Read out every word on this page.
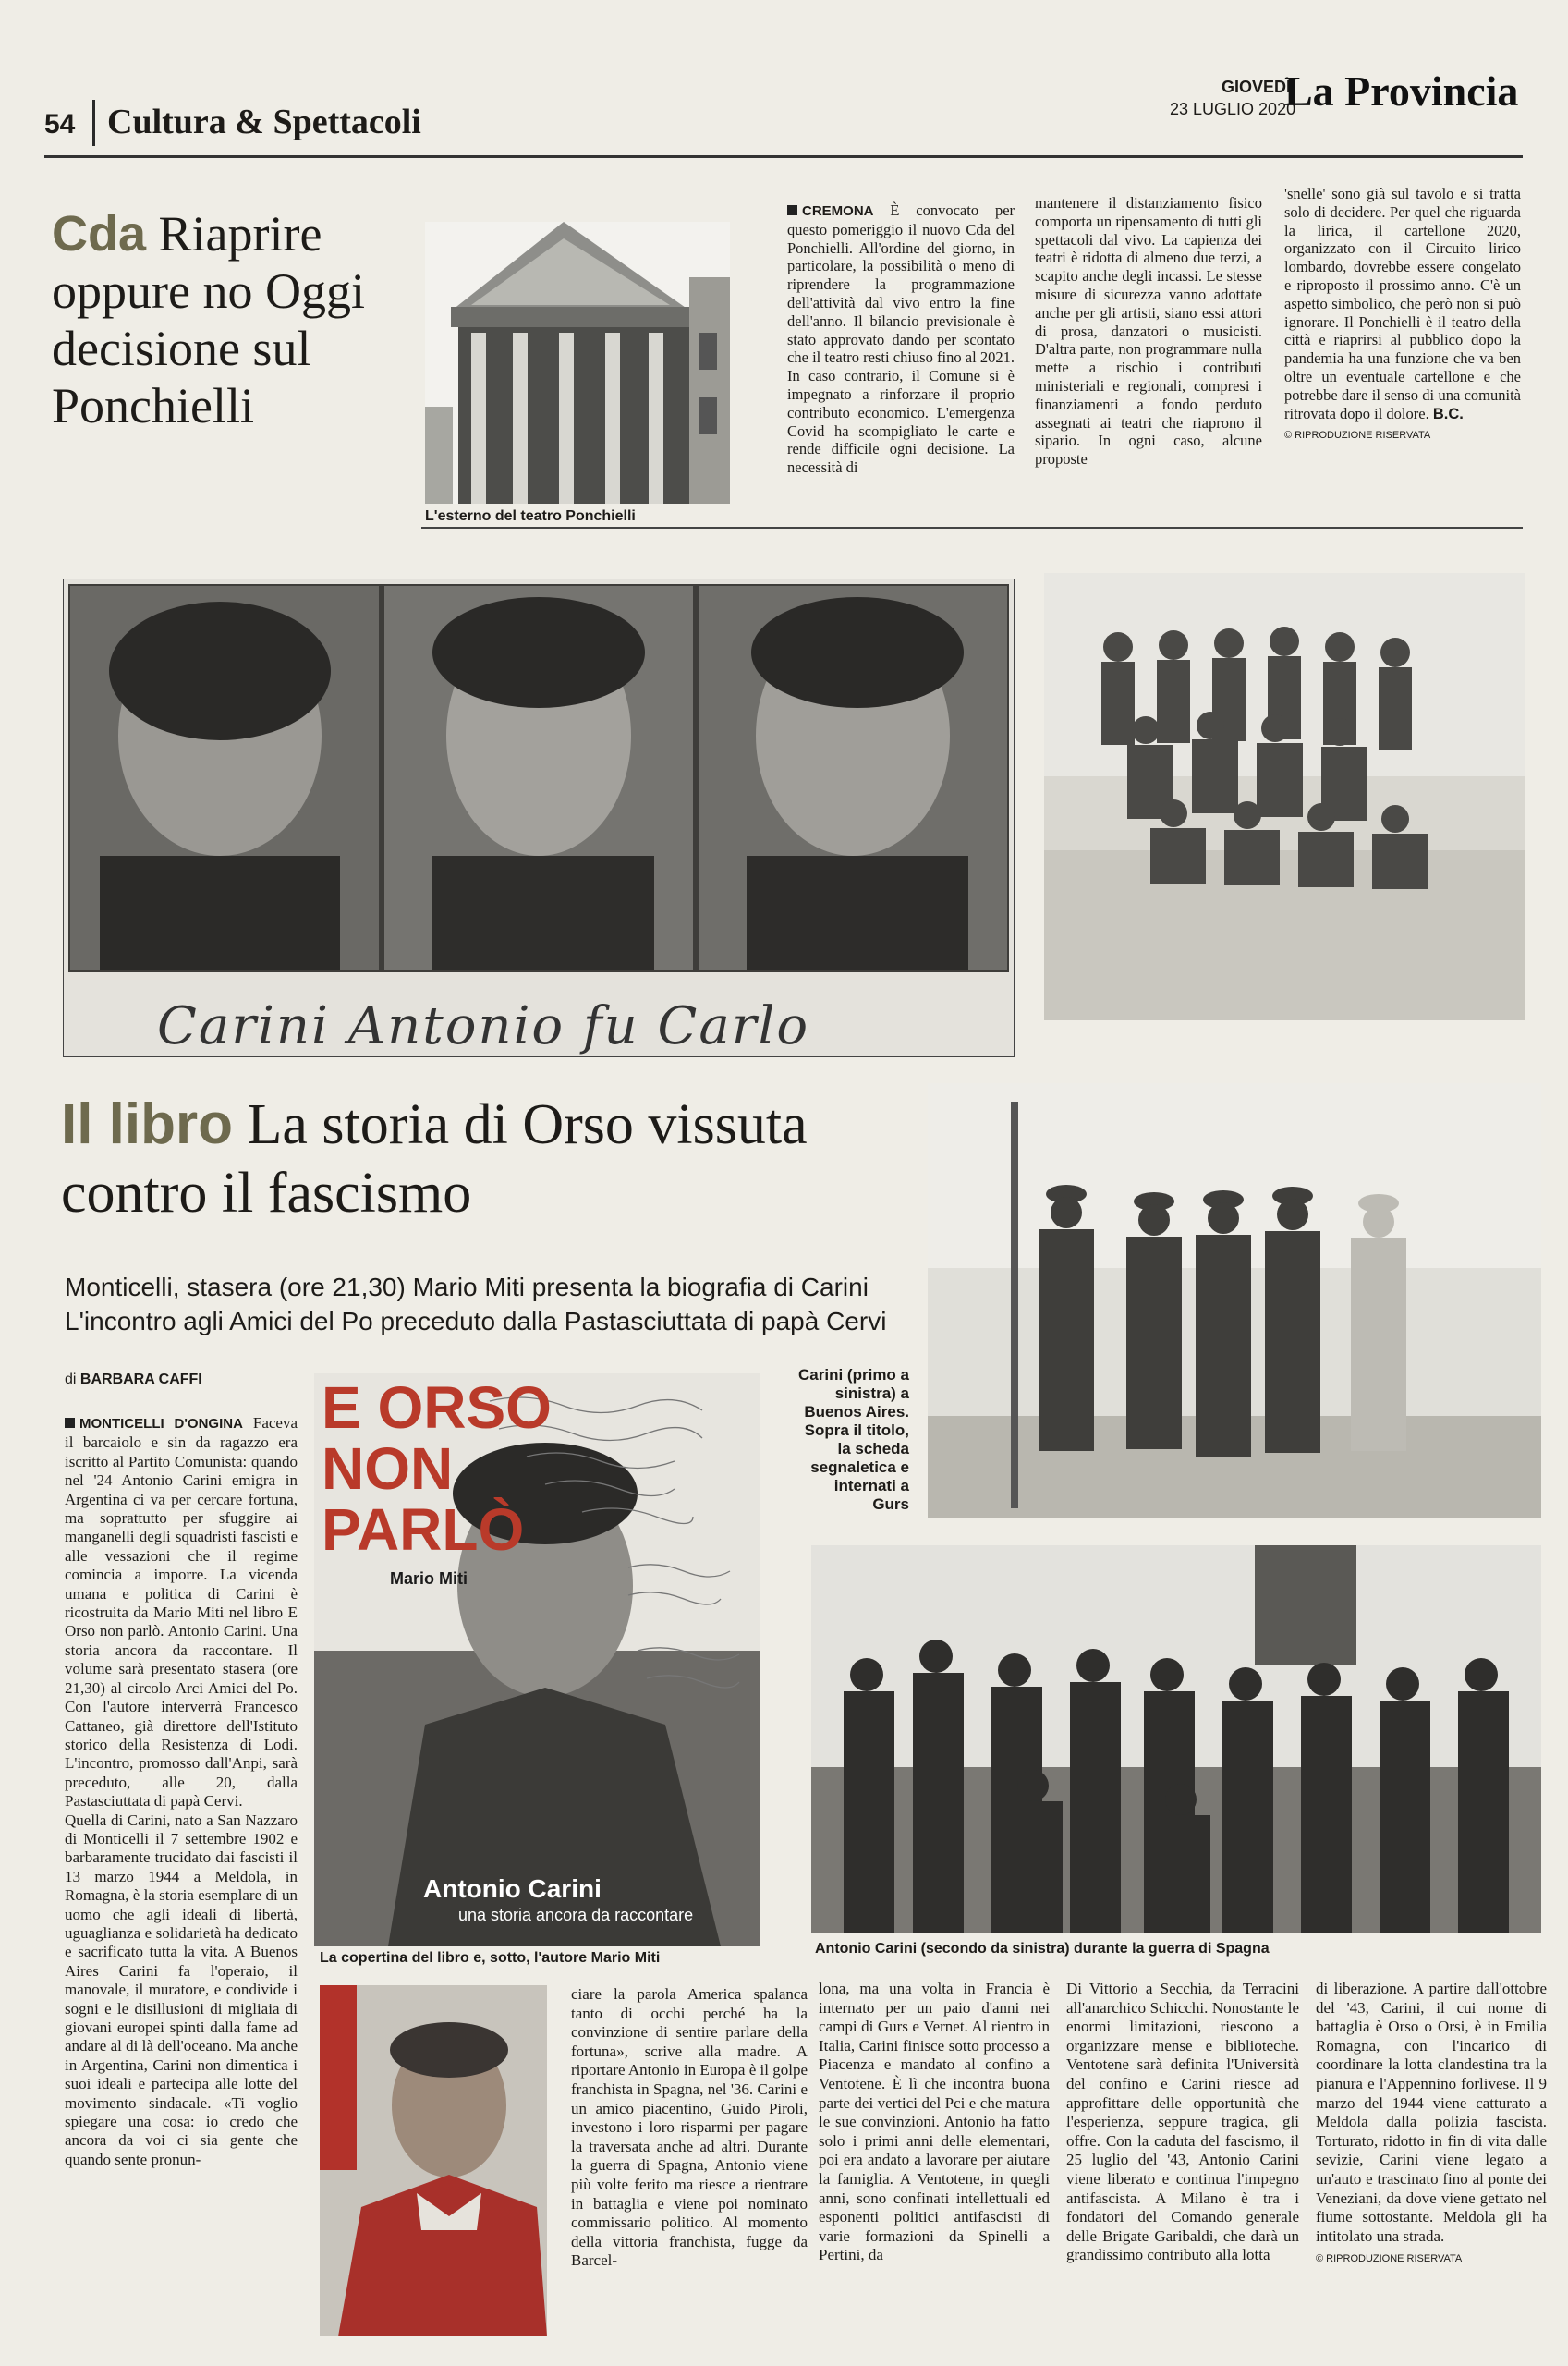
54 Cultura & Spettacoli
GIOVEDÌ
23 LUGLIO 2020
La Provincia
Cda Riaprire oppure no Oggi decisione sul Ponchielli
L'esterno del teatro Ponchielli

CREMONA È convocato per questo pomeriggio il nuovo Cda del Ponchielli. All'ordine del giorno, in particolare, la possibilità o meno di riprendere la programmazione dell'attività dal vivo entro la fine dell'anno. Il bilancio previsionale è stato approvato dando per scontato che il teatro resti chiuso fino al 2021. In caso contrario, il Comune si è impegnato a rinforzare il proprio contributo economico. L'emergenza Covid ha scompigliato le carte e rende difficile ogni decisione. La necessità di

mantenere il distanziamento fisico comporta un ripensamento di tutti gli spettacoli dal vivo. La capienza dei teatri è ridotta di almeno due terzi, a scapito anche degli incassi. Le stesse misure di sicurezza vanno adottate anche per gli artisti, siano essi attori di prosa, danzatori o musicisti. D'altra parte, non programmare nulla mette a rischio i contributi ministeriali e regionali, compresi i finanziamenti a fondo perduto assegnati ai teatri che riaprono il sipario. In ogni caso, alcune proposte

'snelle' sono già sul tavolo e si tratta solo di decidere. Per quel che riguarda la lirica, il cartellone 2020, organizzato con il Circuito lirico lombardo, dovrebbe essere congelato e riproposto il prossimo anno. C'è un aspetto simbolico, che però non si può ignorare. Il Ponchielli è il teatro della città e riaprirsi al pubblico dopo la pandemia ha una funzione che va ben oltre un eventuale cartellone e che potrebbe dare il senso di una comunità ritrovata dopo il dolore. B.C.

© RIPRODUZIONE RISERVATA
Carini Antonio fu Carlo
Il libro La storia di Orso vissuta contro il fascismo
Monticelli, stasera (ore 21,30) Mario Miti presenta la biografia di Carini
L'incontro agli Amici del Po preceduto dalla Pastasciuttata di papà Cervi
di BARBARA CAFFI	Carini (primo a sinistra) a Buenos Aires. Sopra il titolo, la scheda segnaletica e internati a Gurs
E ORSO
NON
PARLÒ
Mario Miti
Antonio Carini
una storia ancora da raccontare
La copertina del libro e, sotto, l'autore Mario Miti
Antonio Carini (secondo da sinistra) durante la guerra di Spagna

MONTICELLI D'ONGINA Faceva il barcaiolo e sin da ragazzo era iscritto al Partito Comunista: quando nel '24 Antonio Carini emigra in Argentina ci va per cercare fortuna, ma soprattutto per sfuggire ai manganelli degli squadristi fascisti e alle vessazioni che il regime comincia a imporre. La vicenda umana e politica di Carini è ricostruita da Mario Miti nel libro E Orso non parlò. Antonio Carini. Una storia ancora da raccontare. Il volume sarà presentato stasera (ore 21,30) al circolo Arci Amici del Po. Con l'autore interverrà Francesco Cattaneo, già direttore dell'Istituto storico della Resistenza di Lodi. L'incontro, promosso dall'Anpi, sarà preceduto, alle 20, dalla Pastasciuttata di papà Cervi.

Quella di Carini, nato a San Nazzaro di Monticelli il 7 settembre 1902 e barbaramente trucidato dai fascisti il 13 marzo 1944 a Meldola, in Romagna, è la storia esemplare di un uomo che agli ideali di libertà, uguaglianza e solidarietà ha dedicato e sacrificato tutta la vita. A Buenos Aires Carini fa l'operaio, il manovale, il muratore, e condivide i sogni e le disillusioni di migliaia di giovani europei spinti dalla fame ad andare al di là dell'oceano. Ma anche in Argentina, Carini non dimentica i suoi ideali e partecipa alle lotte del movimento sindacale. «Ti voglio spiegare una cosa: io credo che ancora da voi ci sia gente che quando sente pronun-

ciare la parola America spalanca tanto di occhi perché ha la convinzione di sentire parlare della fortuna», scrive alla madre. A riportare Antonio in Europa è il golpe franchista in Spagna, nel '36. Carini e un amico piacentino, Guido Piroli, investono i loro risparmi per pagare la traversata anche ad altri. Durante la guerra di Spagna, Antonio viene più volte ferito ma riesce a rientrare in battaglia e viene poi nominato commissario politico. Al momento della vittoria franchista, fugge da Barcel-

lona, ma una volta in Francia è internato per un paio d'anni nei campi di Gurs e Vernet. Al rientro in Italia, Carini finisce sotto processo a Piacenza e mandato al confino a Ventotene. È lì che incontra buona parte dei vertici del Pci e che matura le sue convinzioni. Antonio ha fatto solo i primi anni delle elementari, poi era andato a lavorare per aiutare la famiglia. A Ventotene, in quegli anni, sono confinati intellettuali ed esponenti politici antifascisti di varie formazioni da Spinelli a Pertini, da

Di Vittorio a Secchia, da Terracini all'anarchico Schicchi. Nonostante le enormi limitazioni, riescono a organizzare mense e biblioteche. Ventotene sarà definita l'Università del confino e Carini riesce ad approfittare delle opportunità che l'esperienza, seppure tragica, gli offre. Con la caduta del fascismo, il 25 luglio del '43, Antonio Carini viene liberato e continua l'impegno antifascista. A Milano è tra i fondatori del Comando generale delle Brigate Garibaldi, che darà un grandissimo contributo alla lotta

di liberazione. A partire dall'ottobre del '43, Carini, il cui nome di battaglia è Orso o Orsi, è in Emilia Romagna, con l'incarico di coordinare la lotta clandestina tra la pianura e l'Appennino forlivese. Il 9 marzo del 1944 viene catturato a Meldola dalla polizia fascista. Torturato, ridotto in fin di vita dalle sevizie, Carini viene legato a un'auto e trascinato fino al ponte dei Veneziani, da dove viene gettato nel fiume sottostante. Meldola gli ha intitolato una strada.

© RIPRODUZIONE RISERVATA
